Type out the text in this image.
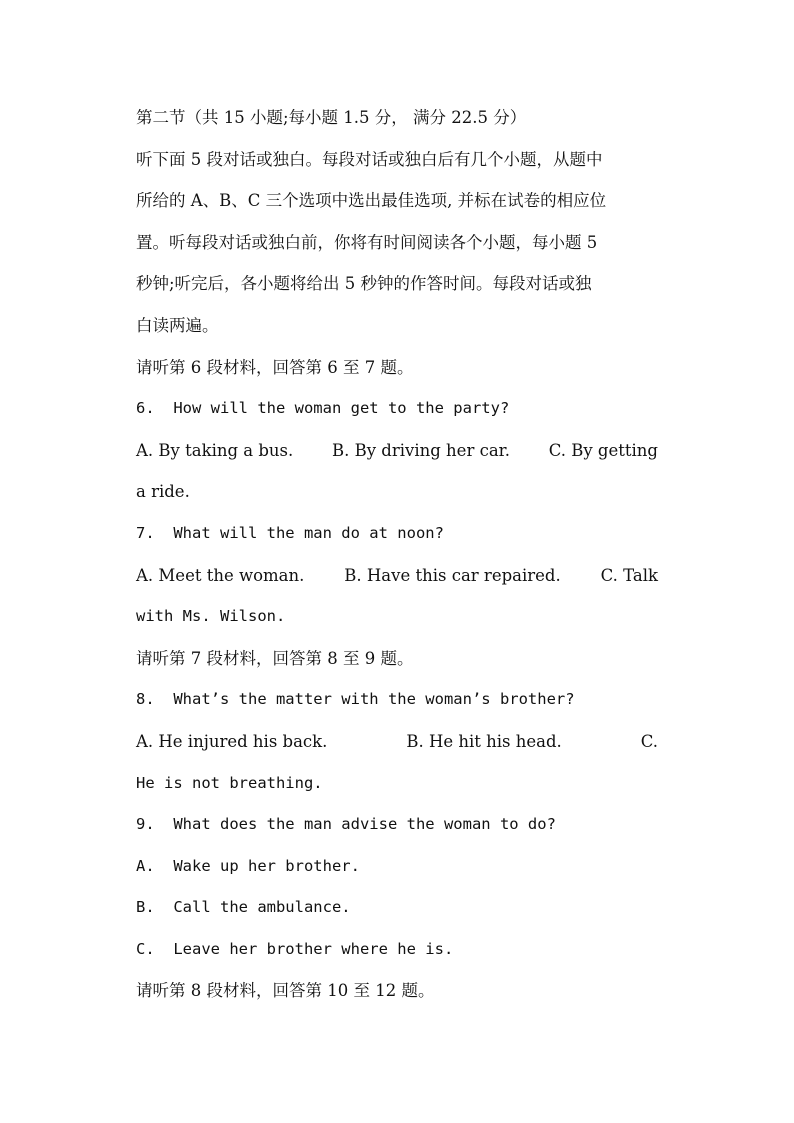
第二节（共 15 小题;每小题 1.5 分， 满分 22.5 分）
听下面 5 段对话或独白。每段对话或独白后有几个小题，从题中
所给的 A、B、C 三个选项中选出最佳选项, 并标在试卷的相应位
置。听每段对话或独白前，你将有时间阅读各个小题，每小题 5
秒钟;听完后，各小题将给出 5 秒钟的作答时间。每段对话或独
白读两遍。
请听第 6 段材料，回答第 6 至 7 题。
6.  How will the woman get to the party?
A. By taking a bus. B. By driving her car. C. By getting
a ride.
7.  What will the man do at noon?
A. Meet the woman. B. Have this car repaired. C. Talk
with Ms. Wilson.
请听第 7 段材料，回答第 8 至 9 题。
8.  What’s the matter with the woman’s brother?
A. He injured his back.	B. He hit his head.	C.
He is not breathing.
9.  What does the man advise the woman to do?
A.  Wake up her brother.
B.  Call the ambulance.
C.  Leave her brother where he is.
请听第 8 段材料，回答第 10 至 12 题。
